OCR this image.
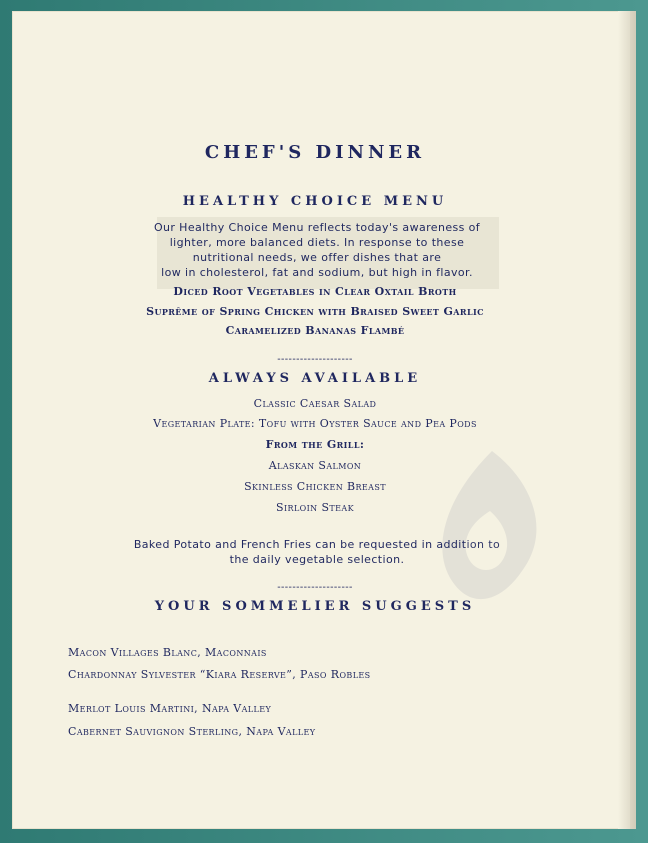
CHEF'S DINNER
HEALTHY CHOICE MENU

Our Healthy Choice Menu reflects today's awareness of

lighter, more balanced diets. In response to these

nutritional needs, we offer dishes that are

low in cholesterol, fat and sodium, but high in flavor.

Diced Root Vegetables in Clear Oxtail Broth

Suprême of Spring Chicken with Braised Sweet Garlic

Caramelized Bananas Flambé

--------------------

ALWAYS AVAILABLE

Classic Caesar Salad

Vegetarian Plate: Tofu with Oyster Sauce and Pea Pods

From the Grill:

Alaskan Salmon

Skinless Chicken Breast

Sirloin Steak

Baked Potato and French Fries can be requested in addition to

the daily vegetable selection.

--------------------

YOUR SOMMELIER SUGGESTS

Macon Villages Blanc, Maconnais

Chardonnay Sylvester “Kiara Reserve”, Paso Robles

Merlot Louis Martini, Napa Valley

Cabernet Sauvignon Sterling, Napa Valley
